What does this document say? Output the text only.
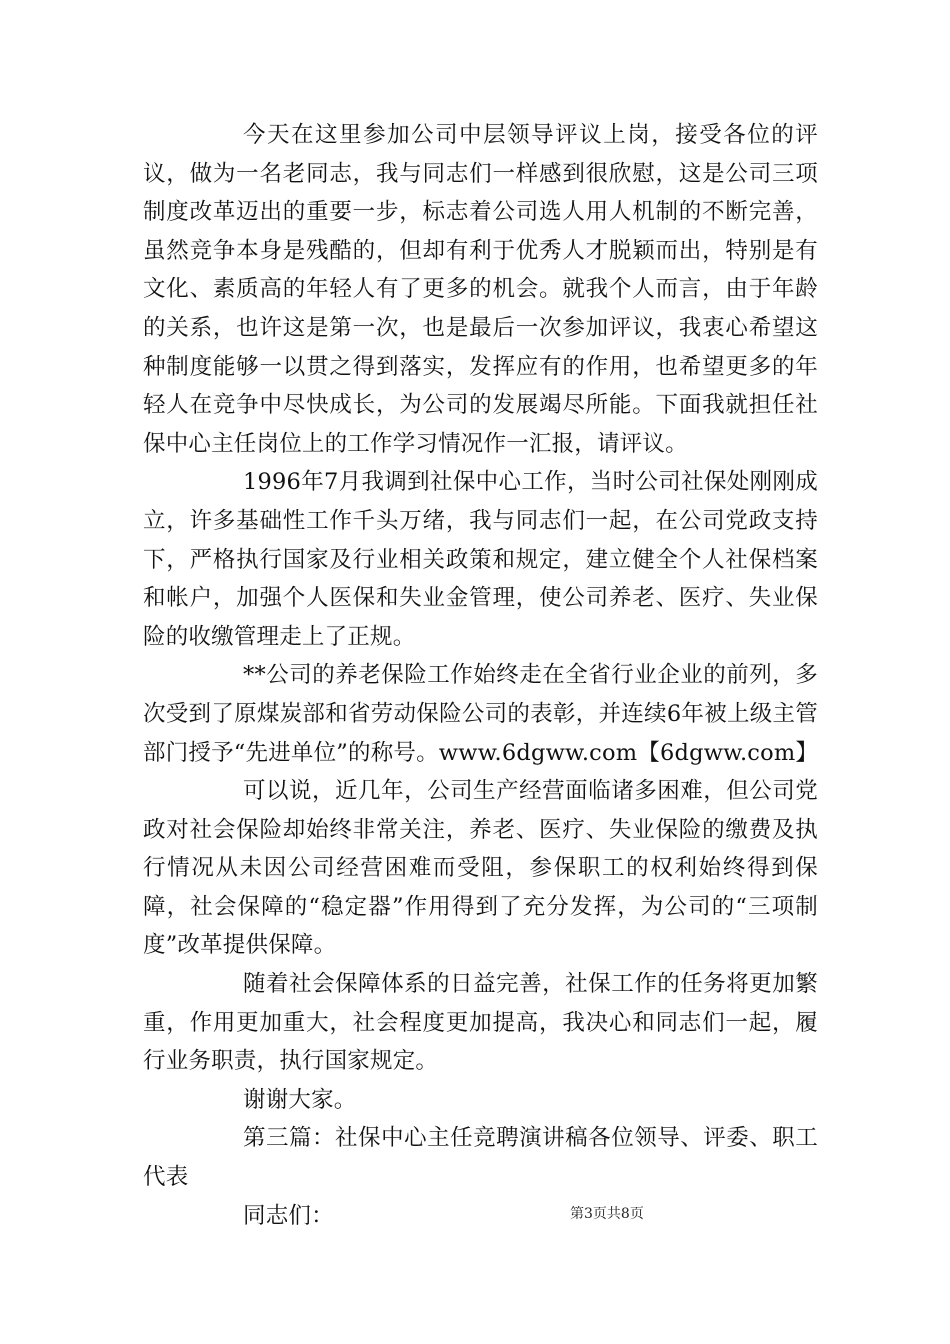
今天在这里参加公司中层领导评议上岗，接受各位的评议，做为一名老同志，我与同志们一样感到很欣慰，这是公司三项制度改革迈出的重要一步，标志着公司选人用人机制的不断完善，虽然竞争本身是残酷的，但却有利于优秀人才脱颖而出，特别是有文化、素质高的年轻人有了更多的机会。就我个人而言，由于年龄的关系，也许这是第一次，也是最后一次参加评议，我衷心希望这种制度能够一以贯之得到落实，发挥应有的作用，也希望更多的年轻人在竞争中尽快成长，为公司的发展竭尽所能。下面我就担任社保中心主任岗位上的工作学习情况作一汇报，请评议。

1996年7月我调到社保中心工作，当时公司社保处刚刚成立，许多基础性工作千头万绪，我与同志们一起，在公司党政支持下，严格执行国家及行业相关政策和规定，建立健全个人社保档案和帐户，加强个人医保和失业金管理，使公司养老、医疗、失业保险的收缴管理走上了正规。

**公司的养老保险工作始终走在全省行业企业的前列，多次受到了原煤炭部和省劳动保险公司的表彰，并连续6年被上级主管部门授予“先进单位”的称号。www.6dgww.com【6dgww.com】

可以说，近几年，公司生产经营面临诸多困难，但公司党政对社会保险却始终非常关注，养老、医疗、失业保险的缴费及执行情况从未因公司经营困难而受阻，参保职工的权利始终得到保障，社会保障的“稳定器”作用得到了充分发挥，为公司的“三项制度”改革提供保障。

随着社会保障体系的日益完善，社保工作的任务将更加繁重，作用更加重大，社会程度更加提高，我决心和同志们一起，履行业务职责，执行国家规定。

谢谢大家。

第三篇：社保中心主任竞聘演讲稿各位领导、评委、职工代表

同志们：	第3页共8页
